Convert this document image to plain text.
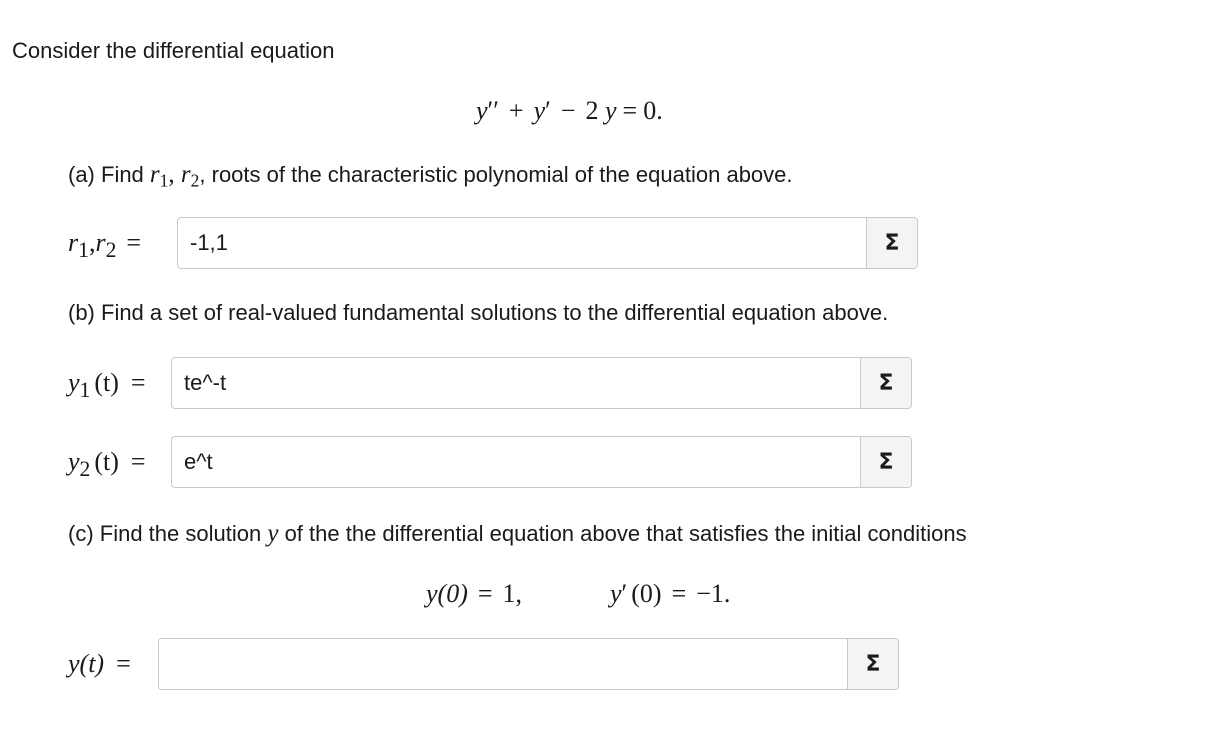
Consider the differential equation
y′′ + y′ − 2 y = 0.
(a) Find $r_1$, $r_2$, roots of the characteristic polynomial of the equation above.
$r_1,r_2$ =
-1,1	Σ
(b) Find a set of real-valued fundamental solutions to the differential equation above.
$y_1$ (t) =
te^-t	Σ
$y_2$ (t) =
e^t	Σ
(c) Find the solution y of the the differential equation above that satisfies the initial conditions
y(0) = 1,	y′ (0) = −1.
y(t) =	Σ
